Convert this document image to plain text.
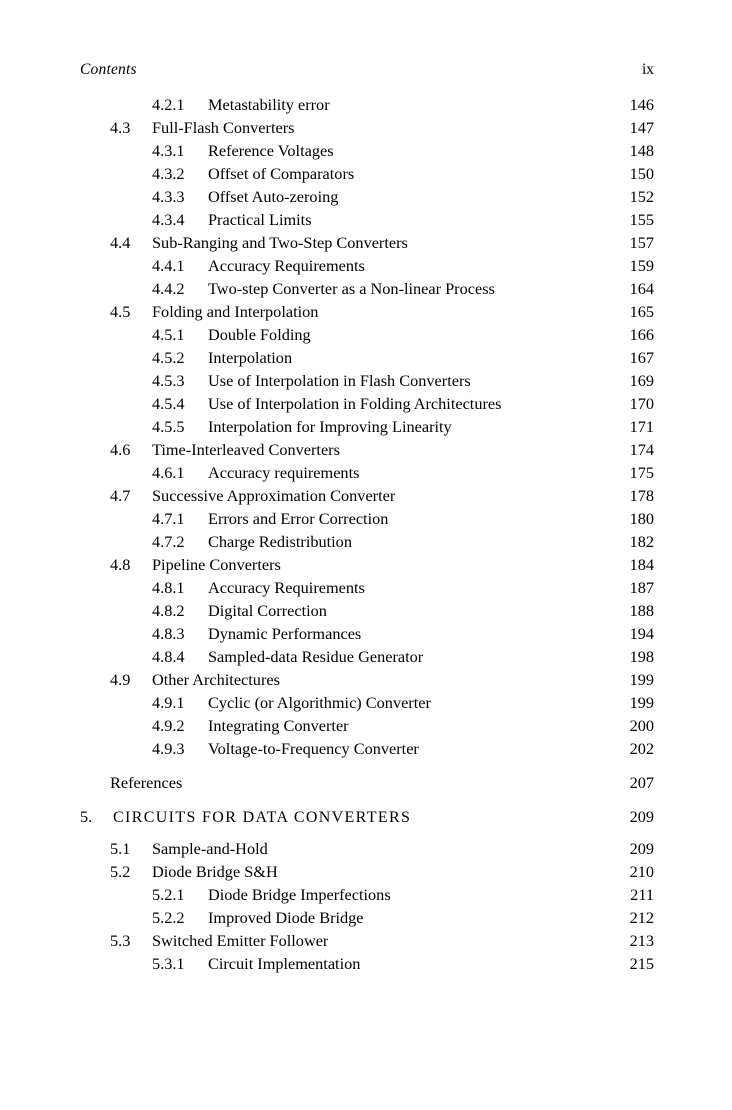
Contents	ix
4.2.1	Metastability error	146
4.3	Full-Flash Converters	147
4.3.1	Reference Voltages	148
4.3.2	Offset of Comparators	150
4.3.3	Offset Auto-zeroing	152
4.3.4	Practical Limits	155
4.4	Sub-Ranging and Two-Step Converters	157
4.4.1	Accuracy Requirements	159
4.4.2	Two-step Converter as a Non-linear Process	164
4.5	Folding and Interpolation	165
4.5.1	Double Folding	166
4.5.2	Interpolation	167
4.5.3	Use of Interpolation in Flash Converters	169
4.5.4	Use of Interpolation in Folding Architectures	170
4.5.5	Interpolation for Improving Linearity	171
4.6	Time-Interleaved Converters	174
4.6.1	Accuracy requirements	175
4.7	Successive Approximation Converter	178
4.7.1	Errors and Error Correction	180
4.7.2	Charge Redistribution	182
4.8	Pipeline Converters	184
4.8.1	Accuracy Requirements	187
4.8.2	Digital Correction	188
4.8.3	Dynamic Performances	194
4.8.4	Sampled-data Residue Generator	198
4.9	Other Architectures	199
4.9.1	Cyclic (or Algorithmic) Converter	199
4.9.2	Integrating Converter	200
4.9.3	Voltage-to-Frequency Converter	202
References	207
5.	CIRCUITS FOR DATA CONVERTERS	209
5.1	Sample-and-Hold	209
5.2	Diode Bridge S&H	210
5.2.1	Diode Bridge Imperfections	211
5.2.2	Improved Diode Bridge	212
5.3	Switched Emitter Follower	213
5.3.1	Circuit Implementation	215
